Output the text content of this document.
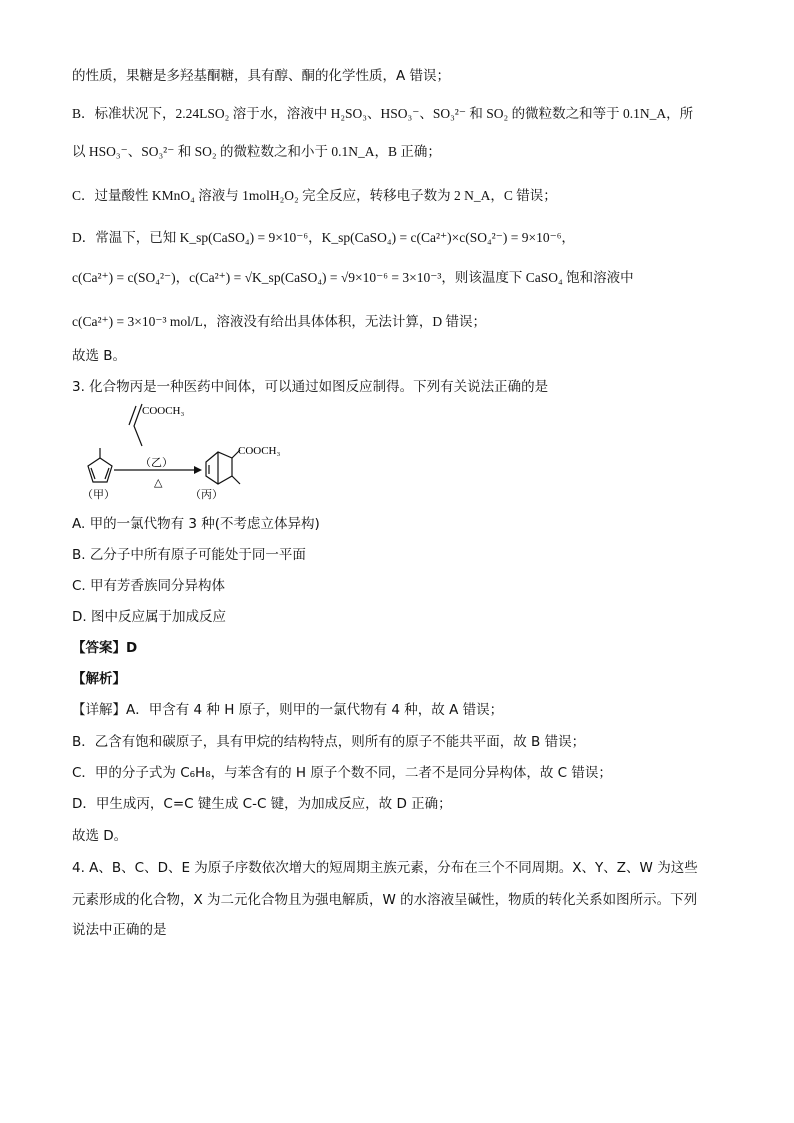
的性质，果糖是多羟基酮糖，具有醇、酮的化学性质，A 错误；
B．标准状况下，2.24LSO₂ 溶于水，溶液中 H₂SO₃、HSO₃⁻、SO₃²⁻ 和 SO₂ 的微粒数之和等于 0.1N_A，所
以 HSO₃⁻、SO₃²⁻ 和 SO₂ 的微粒数之和小于 0.1N_A，B 正确；
C．过量酸性 KMnO₄ 溶液与 1molH₂O₂ 完全反应，转移电子数为 2 N_A，C 错误；
D．常温下，已知 K_sp(CaSO₄) = 9×10⁻⁶，K_sp(CaSO₄) = c(Ca²⁺)×c(SO₄²⁻) = 9×10⁻⁶，
c(Ca²⁺) = c(SO₄²⁻)，c(Ca²⁺) = √K_sp(CaSO₄) = √9×10⁻⁶ = 3×10⁻³，则该温度下 CaSO₄ 饱和溶液中
c(Ca²⁺) = 3×10⁻³ mol/L，溶液没有给出具体体积，无法计算，D 错误；
故选 B。
3. 化合物丙是一种医药中间体，可以通过如图反应制得。下列有关说法正确的是
COOCH₃
（乙）
△
COOCH₃
（甲）	（丙）
A. 甲的一氯代物有 3 种(不考虑立体异构)
B. 乙分子中所有原子可能处于同一平面
C. 甲有芳香族同分异构体
D. 图中反应属于加成反应
【答案】D
【解析】
【详解】A．甲含有 4 种 H 原子，则甲的一氯代物有 4 种，故 A 错误；
B．乙含有饱和碳原子，具有甲烷的结构特点，则所有的原子不能共平面，故 B 错误；
C．甲的分子式为 C₆H₈，与苯含有的 H 原子个数不同，二者不是同分异构体，故 C 错误；
D．甲生成丙，C=C 键生成 C-C 键，为加成反应，故 D 正确；
故选 D。
4. A、B、C、D、E 为原子序数依次增大的短周期主族元素，分布在三个不同周期。X、Y、Z、W 为这些
元素形成的化合物，X 为二元化合物且为强电解质，W 的水溶液呈碱性，物质的转化关系如图所示。下列
说法中正确的是
